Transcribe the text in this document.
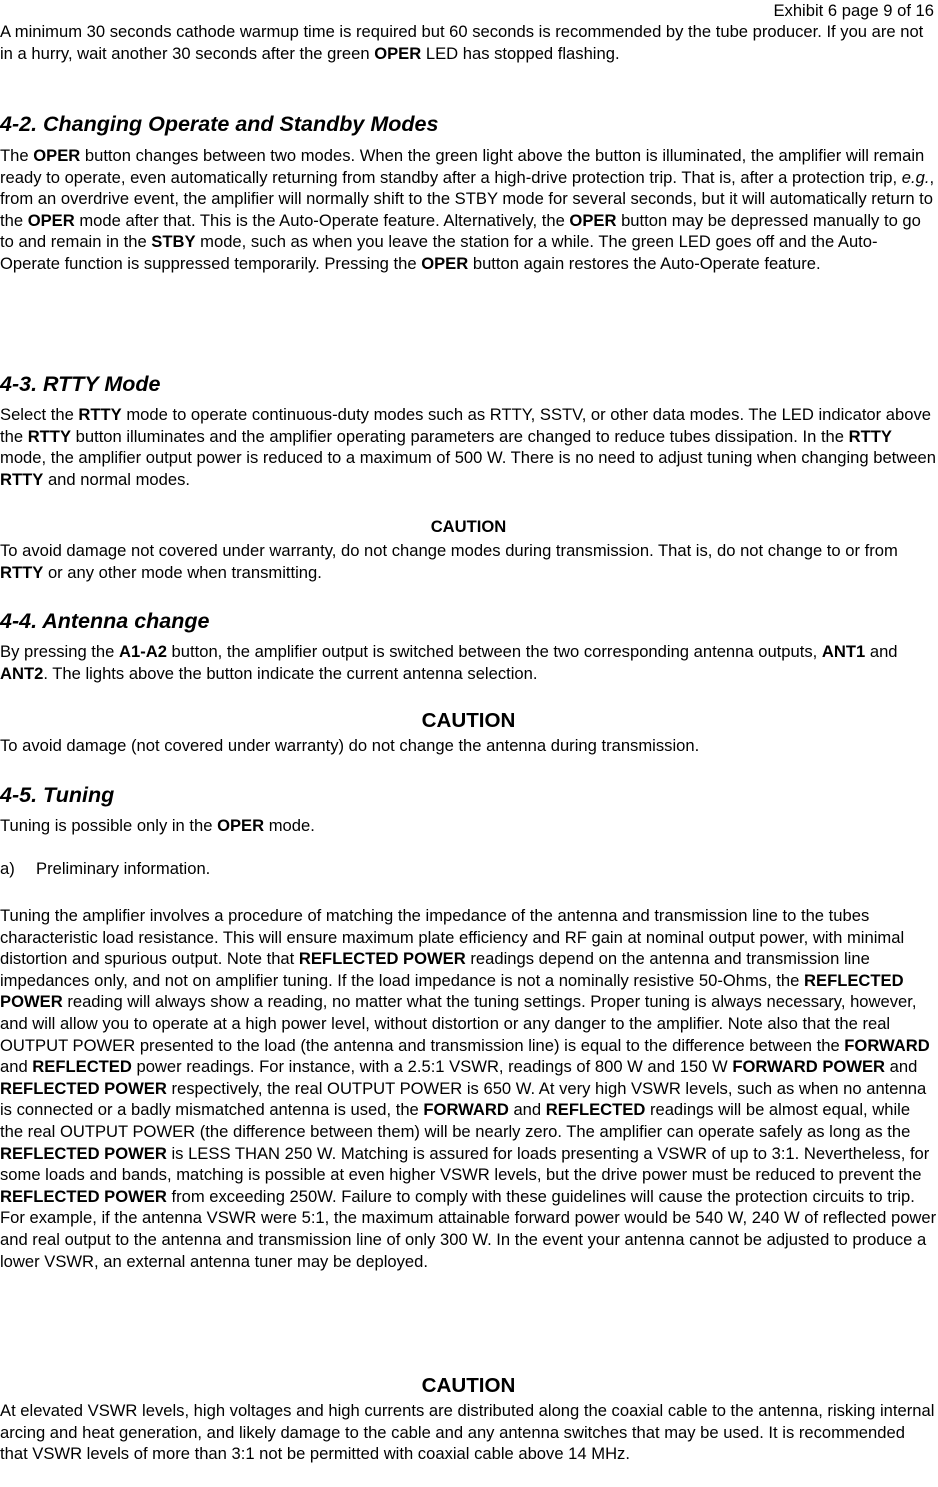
Exhibit 6 page 9 of 16

A minimum 30 seconds cathode warmup time is required but 60 seconds is recommended by the tube producer. If you are not in a hurry, wait another 30 seconds after the green OPER LED has stopped flashing.

4-2. Changing Operate and Standby Modes

The OPER button changes between two modes. When the green light above the button is illuminated, the amplifier will remain ready to operate, even automatically returning from standby after a high-drive protection trip. That is, after a protection trip, e.g., from an overdrive event, the amplifier will normally shift to the STBY mode for several seconds, but it will automatically return to the OPER mode after that. This is the Auto-Operate feature. Alternatively, the OPER button may be depressed manually to go to and remain in the STBY mode, such as when you leave the station for a while. The green LED goes off and the Auto-Operate function is suppressed temporarily. Pressing the OPER button again restores the Auto-Operate feature.

4-3. RTTY Mode

Select the RTTY mode to operate continuous-duty modes such as RTTY, SSTV, or other data modes. The LED indicator above the RTTY button illuminates and the amplifier operating parameters are changed to reduce tubes dissipation. In the RTTY mode, the amplifier output power is reduced to a maximum of 500 W. There is no need to adjust tuning when changing between RTTY and normal modes.

CAUTION

To avoid damage not covered under warranty, do not change modes during transmission. That is, do not change to or from RTTY or any other mode when transmitting.

4-4. Antenna change

By pressing the A1-A2 button, the amplifier output is switched between the two corresponding antenna outputs, ANT1 and ANT2. The lights above the button indicate the current antenna selection.

CAUTION

To avoid damage (not covered under warranty) do not change the antenna during transmission.

4-5. Tuning

Tuning is possible only in the OPER mode.

a) Preliminary information.

Tuning the amplifier involves a procedure of matching the impedance of the antenna and transmission line to the tubes characteristic load resistance. This will ensure maximum plate efficiency and RF gain at nominal output power, with minimal distortion and spurious output. Note that REFLECTED POWER readings depend on the antenna and transmission line impedances only, and not on amplifier tuning. If the load impedance is not a nominally resistive 50-Ohms, the REFLECTED POWER reading will always show a reading, no matter what the tuning settings. Proper tuning is always necessary, however, and will allow you to operate at a high power level, without distortion or any danger to the amplifier. Note also that the real OUTPUT POWER presented to the load (the antenna and transmission line) is equal to the difference between the FORWARD and REFLECTED power readings. For instance, with a 2.5:1 VSWR, readings of 800 W and 150 W FORWARD POWER and REFLECTED POWER respectively, the real OUTPUT POWER is 650 W. At very high VSWR levels, such as when no antenna is connected or a badly mismatched antenna is used, the FORWARD and REFLECTED readings will be almost equal, while the real OUTPUT POWER (the difference between them) will be nearly zero. The amplifier can operate safely as long as the REFLECTED POWER is LESS THAN 250 W. Matching is assured for loads presenting a VSWR of up to 3:1. Nevertheless, for some loads and bands, matching is possible at even higher VSWR levels, but the drive power must be reduced to prevent the REFLECTED POWER from exceeding 250W. Failure to comply with these guidelines will cause the protection circuits to trip. For example, if the antenna VSWR were 5:1, the maximum attainable forward power would be 540 W, 240 W of reflected power and real output to the antenna and transmission line of only 300 W. In the event your antenna cannot be adjusted to produce a lower VSWR, an external antenna tuner may be deployed.

CAUTION

At elevated VSWR levels, high voltages and high currents are distributed along the coaxial cable to the antenna, risking internal arcing and heat generation, and likely damage to the cable and any antenna switches that may be used. It is recommended that VSWR levels of more than 3:1 not be permitted with coaxial cable above 14 MHz.
